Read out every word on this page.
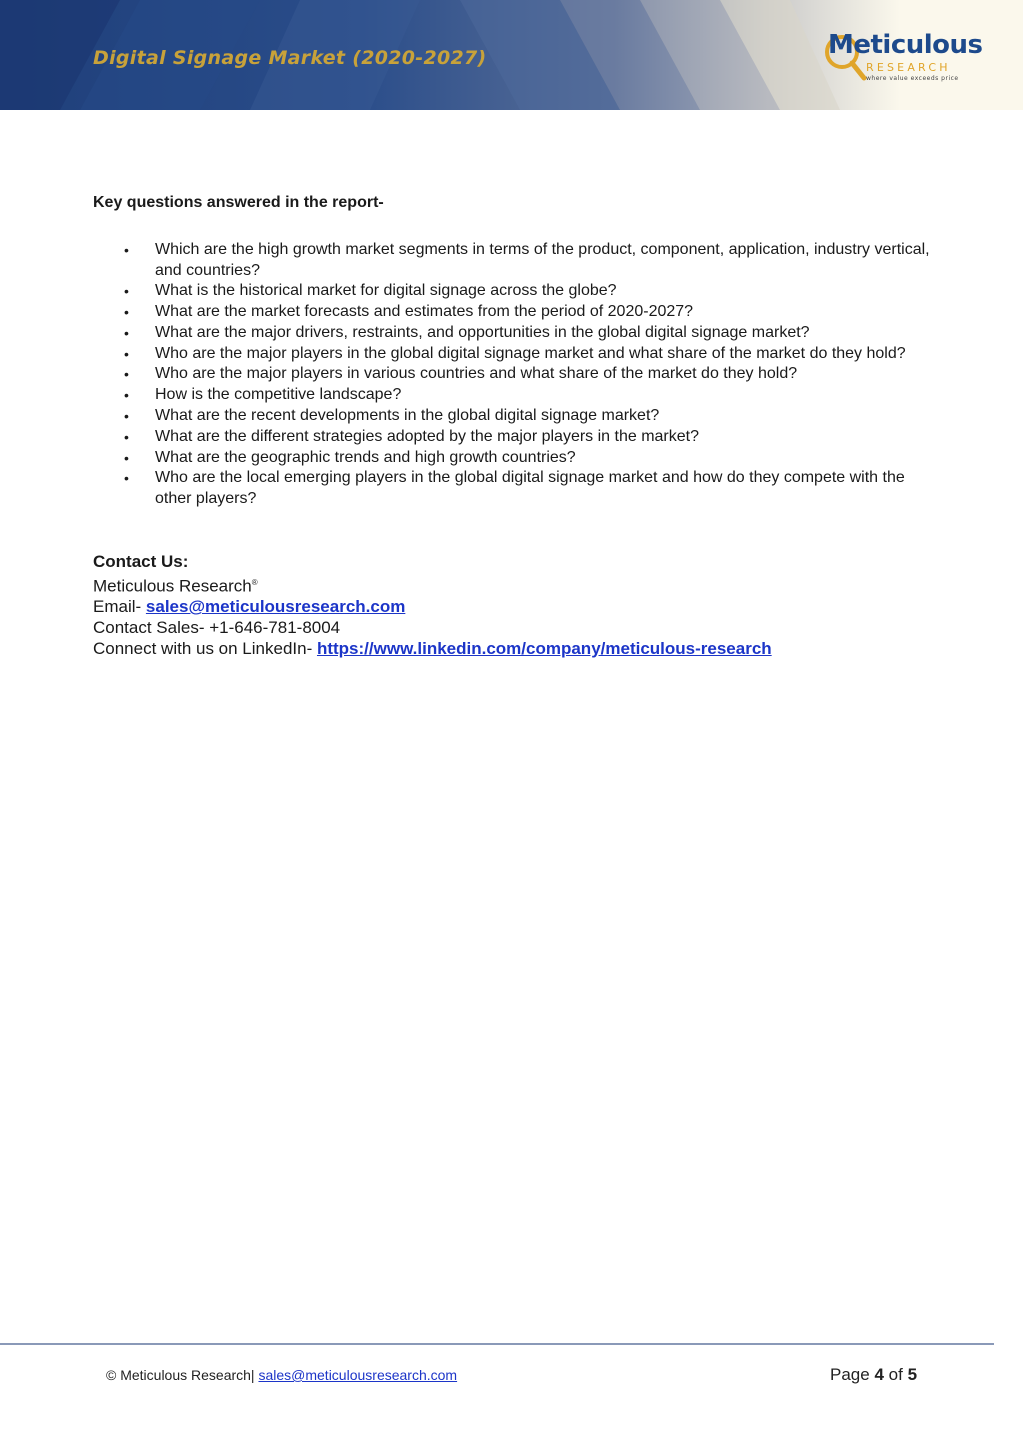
Digital Signage Market (2020-2027)	Meticulous
RESEARCH
where value exceeds price
Key questions answered in the report-
• Which are the high growth market segments in terms of the product, component, application, industry vertical, and countries?
• What is the historical market for digital signage across the globe?
• What are the market forecasts and estimates from the period of 2020-2027?
• What are the major drivers, restraints, and opportunities in the global digital signage market?
• Who are the major players in the global digital signage market and what share of the market do they hold?
• Who are the major players in various countries and what share of the market do they hold?
• How is the competitive landscape?
• What are the recent developments in the global digital signage market?
• What are the different strategies adopted by the major players in the market?
• What are the geographic trends and high growth countries?
• Who are the local emerging players in the global digital signage market and how do they compete with the other players?
Contact Us:
Meticulous Research®
Email- sales@meticulousresearch.com
Contact Sales- +1-646-781-8004
Connect with us on LinkedIn- https://www.linkedin.com/company/meticulous-research
© Meticulous Research| sales@meticulousresearch.com	Page 4 of 5
